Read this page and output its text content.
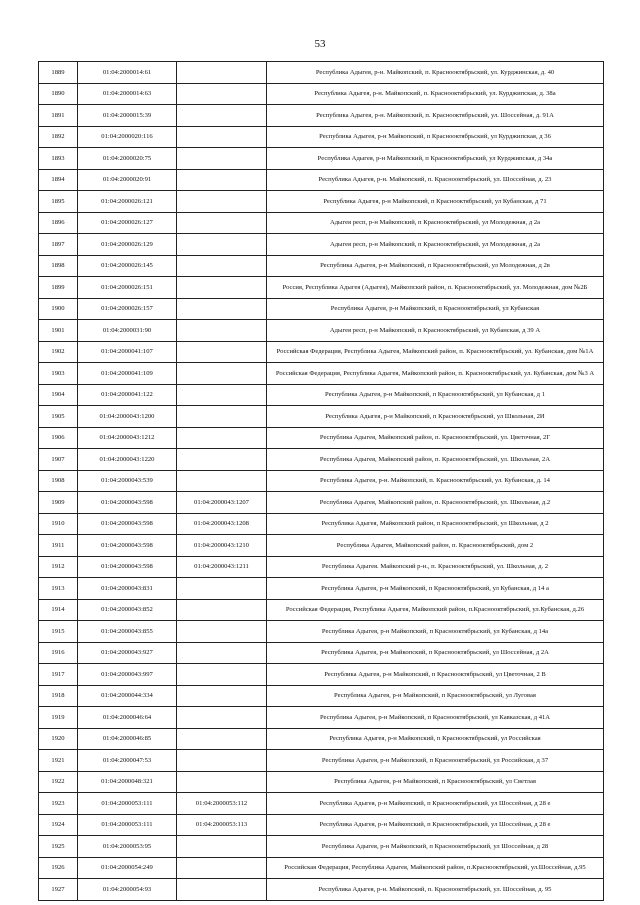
53
1889	01:04:2000014:61		Республика Адыгея, р-н. Майкопский, п. Краснооктябрьский, ул. Курджинская, д. 40
1890	01:04:2000014:63		Республика Адыгея, р-н. Майкопский, п. Краснооктябрьский, ул. Курджипская, д. 38а
1891	01:04:2000015:39		Республика Адыгея, р-н. Майкопский, п. Краснооктябрьский, ул. Шоссейная, д. 91А
1892	01:04:2000020:116		Республика Адыгея, р-н Майкопский, п Краснооктябрьский, ул Курджипская, д 36
1893	01:04:2000020:75		Республика Адыгея, р-н Майкопский, п Краснооктябрьский, ул Курджипская, д 34а
1894	01:04:2000020:91		Республика Адыгея, р-н. Майкопский, п. Краснооктябрьский, ул. Шоссейная, д. 23
1895	01:04:2000026:121		Республика Адыгея, р-н Майкопский, п Краснооктябрьский, ул Кубанская, д 71
1896	01:04:2000026:127		Адыгея респ, р-н Майкопский, п Краснооктябрьский, ул Молодежная, д 2а
1897	01:04:2000026:129		Адыгея респ, р-н Майкопский, п Краснооктябрьский, ул Молодежная, д 2а
1898	01:04:2000026:145		Республика Адыгея, р-н Майкопский, п Краснооктябрьский, ул Молодежная, д 2в
1899	01:04:2000026:151		Россия, Республика Адыгея (Адыгея), Майкопский район, п. Краснооктябрьский, ул. Молодежная, дом №2Б
1900	01:04:2000026:157		Республика Адыгея, р-н Майкопский, п Краснооктябрьский, ул Кубанская
1901	01:04:2000031:90		Адыгея респ, р-н Майкопский, п Краснооктябрьский, ул Кубанская, д 39 А
1902	01:04:2000041:107		Российская Федерация, Республика Адыгея, Майкопский район, п. Краснооктябрьский, ул. Кубанская, дом №1А
1903	01:04:2000041:109		Российская Федерация, Республика Адыгея, Майкопский район, п. Краснооктябрьский, ул. Кубанская, дом №3 А
1904	01:04:2000041:122		Республика Адыгея, р-н Майкопский, п Краснооктябрьский, ул Кубанская, д 1
1905	01:04:2000043:1200		Республика Адыгея, р-н Майкопский, п Краснооктябрьский, ул Школьная, 2И
1906	01:04:2000043:1212		Республика Адыгея, Майкопский район, п. Краснооктябрьский, ул. Цветочная, 2Г
1907	01:04:2000043:1220		Республика Адыгея, Майкопский район, п. Краснооктябрьский, ул. Школьная, 2А
1908	01:04:2000043:539		Республика Адыгея, р-н. Майкопский, п. Краснооктябрьский, ул. Кубанская, д. 14
1909	01:04:2000043:598	01:04:2000043:1207	Республика Адыгея, Майкопский район, п. Краснооктябрьский, ул. Школьная, д.2
1910	01:04:2000043:598	01:04:2000043:1208	Республика Адыгея, Майкопский район, п Краснооктябрьский, ул Школьная, д 2
1911	01:04:2000043:598	01:04:2000043:1210	Республика Адыгея, Майкопский район, п. Краснооктябрьский, дом 2
1912	01:04:2000043:598	01:04:2000043:1211	Республика Адыгея. Майкопский р-н., п. Краснооктябрьский, ул. Школьная, д. 2
1913	01:04:2000043:831		Республика Адыгея, р-н Майкопский, п Краснооктябрьский, ул Кубанская, д 14 а
1914	01:04:2000043:852		Российская Федерация, Республика Адыгея, Майкопский район, п.Краснооктябрьский, ул.Кубанская, д.26
1915	01:04:2000043:855		Республика Адыгея, р-н Майкопский, п Краснооктябрьский, ул Кубанская, д 14а
1916	01:04:2000043:927		Республика Адыгея, р-н Майкопский, п Краснооктябрьский, ул Шоссейная, д 2А
1917	01:04:2000043:997		Республика Адыгея, р-н Майкопский, п Краснооктябрьский, ул Цветочная, 2 В
1918	01:04:2000044:334		Республика Адыгея, р-н Майкопский, п Краснооктябрьский, ул Луговая
1919	01:04:2000046:64		Республика Адыгея, р-н Майкопский, п Краснооктябрьский, ул Кавказская, д 41А
1920	01:04:2000046:85		Республика Адыгея, р-н Майкопский, п Краснооктябрьский, ул Российская
1921	01:04:2000047:53		Республика Адыгея, р-н Майкопский, п Краснооктябрьский, ул Российская, д 37
1922	01:04:2000048:321		Республика Адыгея, р-н Майкопский, п Краснооктябрьский, ул Светлая
1923	01:04:2000053:111	01:04:2000053:112	Республика Адыгея, р-н Майкопский, п Краснооктябрьский, ул Шоссейная, д 28 е
1924	01:04:2000053:111	01:04:2000053:113	Республика Адыгея, р-н Майкопский, п Краснооктябрьский, ул Шоссейная, д 28 е
1925	01:04:2000053:95		Республика Адыгея, р-н Майкопский, п Краснооктябрьский, ул Шоссейная, д 28
1926	01:04:2000054:249		Российская Федерация, Республика Адыгея, Майкопский район, п.Краснооктябрьский, ул.Шоссейная, д.95
1927	01:04:2000054:93		Республика Адыгея, р-н. Майкопский, п. Краснооктябрьский, ул. Шоссейная, д. 95
